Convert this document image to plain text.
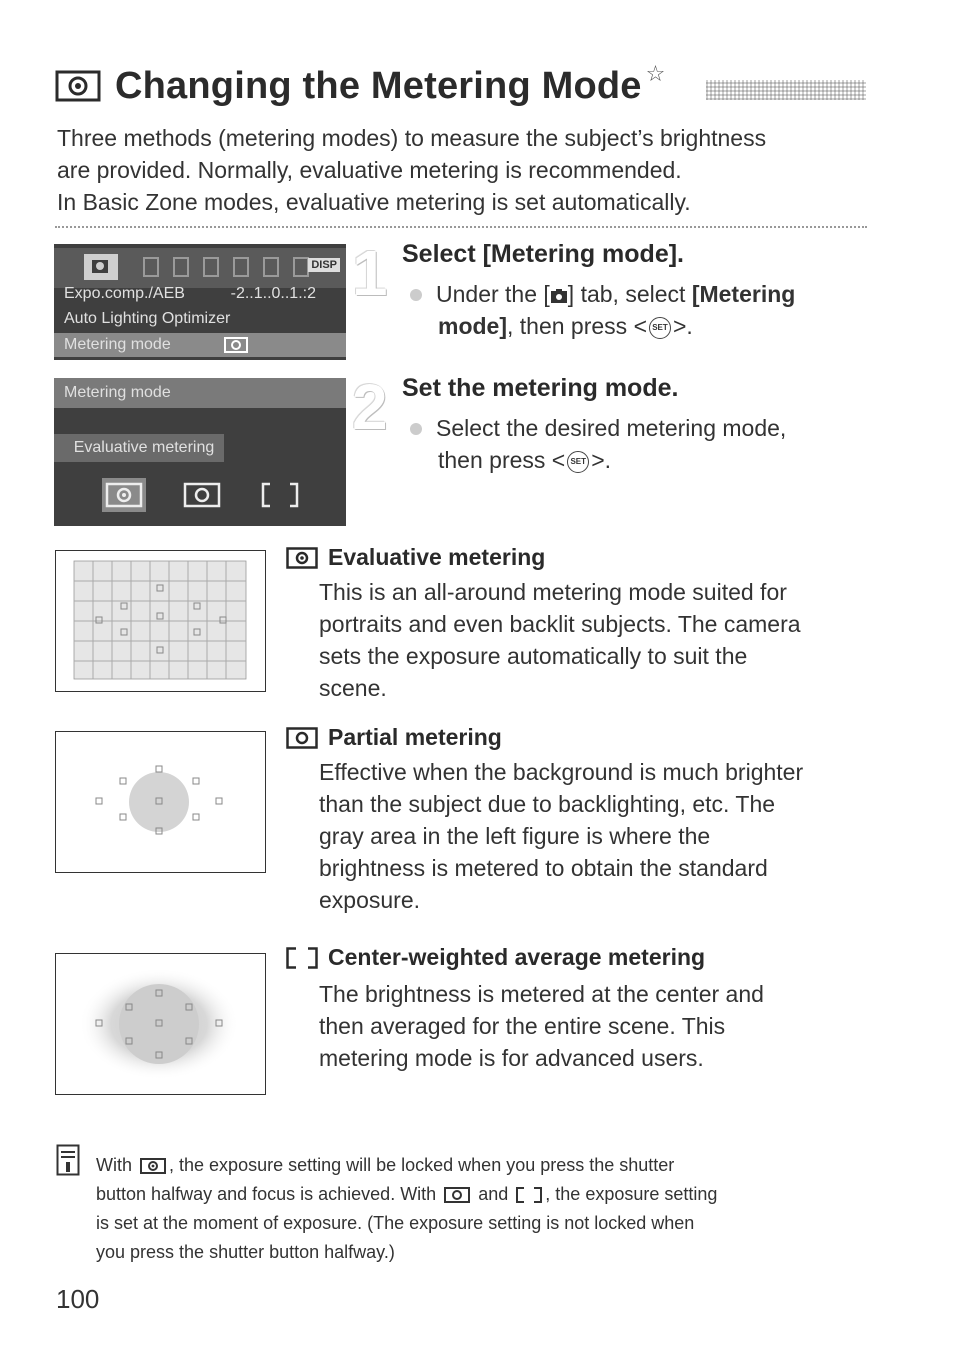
Changing the Metering Mode ☆

Three methods (metering modes) to measure the subject’s brightness

are provided. Normally, evaluative metering is recommended.

In Basic Zone modes, evaluative metering is set automatically.

DISP
Expo.comp./AEB	-2..1..0..1.:2
Auto Lighting Optimizer
Metering mode
Metering mode
Evaluative metering
1 Select [Metering mode].
Under the [ ] tab, select [Metering
mode], then press < SET >.
2 Set the metering mode.
Select the desired metering mode,
then press < SET >.
Evaluative metering
This is an all-around metering mode suited for
portraits and even backlit subjects. The camera
sets the exposure automatically to suit the
scene.
Partial metering
Effective when the background is much brighter
than the subject due to backlighting, etc. The
gray area in the left figure is where the
brightness is metered to obtain the standard
exposure.
Center-weighted average metering
The brightness is metered at the center and
then averaged for the entire scene. This
metering mode is for advanced users.
With , the exposure setting will be locked when you press the shutter
button halfway and focus is achieved. With and , the exposure setting
is set at the moment of exposure. (The exposure setting is not locked when
you press the shutter button halfway.)
100
